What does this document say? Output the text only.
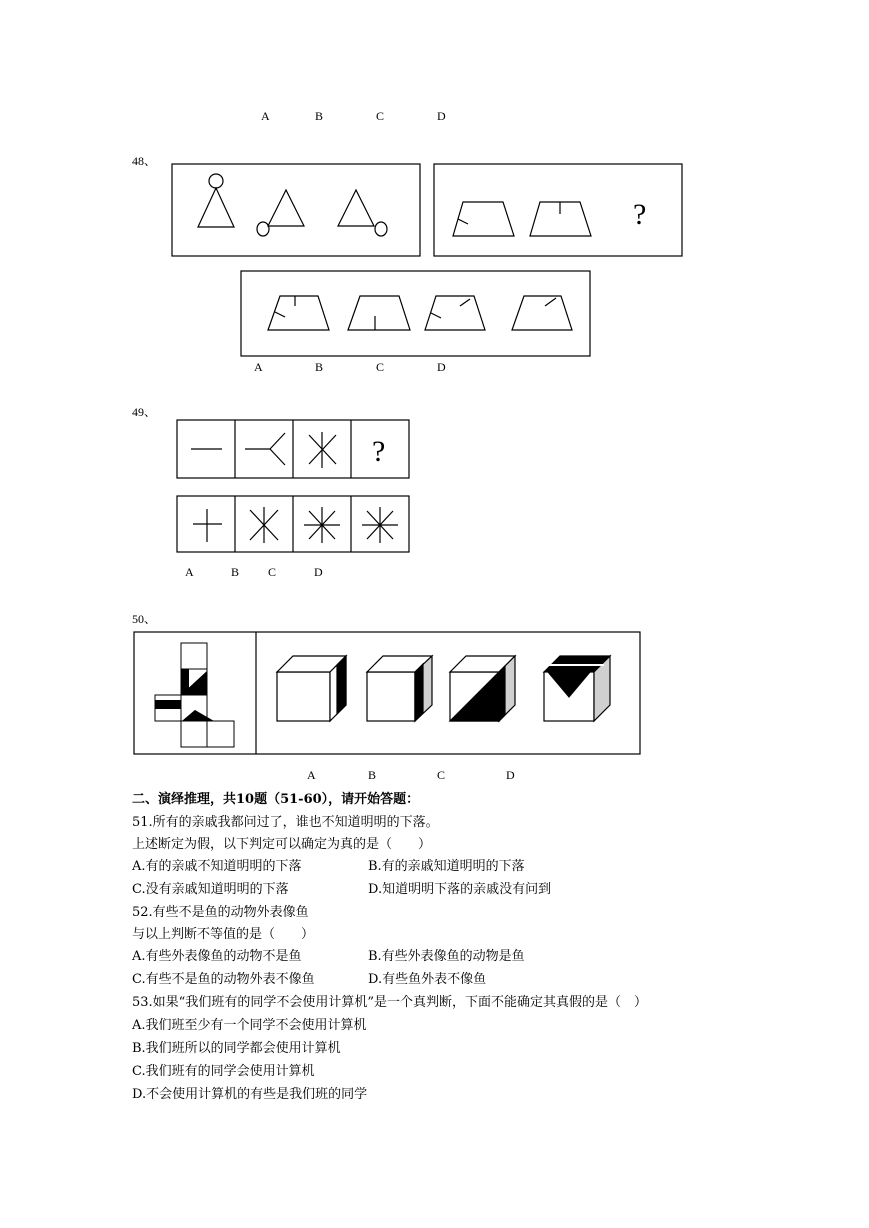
A	B	C	D
48、
?
A	B	C	D
49、
?
A	B C	D
50、
A	B	C	D
二、演绎推理，共10题（51-60），请开始答题：
51.所有的亲戚我都问过了，谁也不知道明明的下落。
上述断定为假，以下判定可以确定为真的是（　　）
A.有的亲戚不知道明明的下落	B.有的亲戚知道明明的下落
C.没有亲戚知道明明的下落	D.知道明明下落的亲戚没有问到
52.有些不是鱼的动物外表像鱼
与以上判断不等值的是（　　）
A.有些外表像鱼的动物不是鱼	B.有些外表像鱼的动物是鱼
C.有些不是鱼的动物外表不像鱼	D.有些鱼外表不像鱼
53.如果“我们班有的同学不会使用计算机”是一个真判断，下面不能确定其真假的是（　）
A.我们班至少有一个同学不会使用计算机
B.我们班所以的同学都会使用计算机
C.我们班有的同学会使用计算机
D.不会使用计算机的有些是我们班的同学
